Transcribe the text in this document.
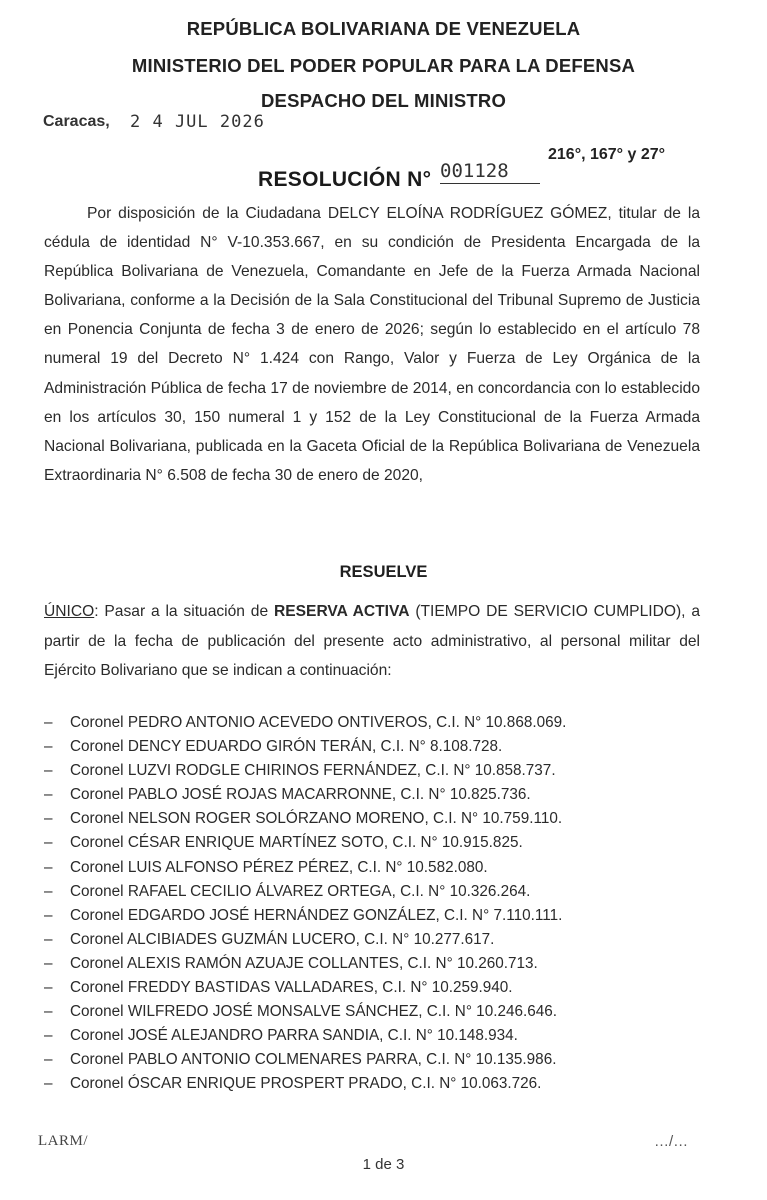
REPÚBLICA BOLIVARIANA DE VENEZUELA
MINISTERIO DEL PODER POPULAR PARA LA DEFENSA
DESPACHO DEL MINISTRO
Caracas, 2 4 JUL 2026
RESOLUCIÓN N° 001128
216°, 167° y 27°
Por disposición de la Ciudadana DELCY ELOÍNA RODRÍGUEZ GÓMEZ, titular de la cédula de identidad N° V-10.353.667, en su condición de Presidenta Encargada de la República Bolivariana de Venezuela, Comandante en Jefe de la Fuerza Armada Nacional Bolivariana, conforme a la Decisión de la Sala Constitucional del Tribunal Supremo de Justicia en Ponencia Conjunta de fecha 3 de enero de 2026; según lo establecido en el artículo 78 numeral 19 del Decreto N° 1.424 con Rango, Valor y Fuerza de Ley Orgánica de la Administración Pública de fecha 17 de noviembre de 2014, en concordancia con lo establecido en los artículos 30, 150 numeral 1 y 152 de la Ley Constitucional de la Fuerza Armada Nacional Bolivariana, publicada en la Gaceta Oficial de la República Bolivariana de Venezuela Extraordinaria N° 6.508 de fecha 30 de enero de 2020,
RESUELVE
ÚNICO: Pasar a la situación de RESERVA ACTIVA (TIEMPO DE SERVICIO CUMPLIDO), a partir de la fecha de publicación del presente acto administrativo, al personal militar del Ejército Bolivariano que se indican a continuación:
– Coronel PEDRO ANTONIO ACEVEDO ONTIVEROS, C.I. N° 10.868.069.
– Coronel DENCY EDUARDO GIRÓN TERÁN, C.I. N° 8.108.728.
– Coronel LUZVI RODGLE CHIRINOS FERNÁNDEZ, C.I. N° 10.858.737.
– Coronel PABLO JOSÉ ROJAS MACARRONNE, C.I. N° 10.825.736.
– Coronel NELSON ROGER SOLÓRZANO MORENO, C.I. N° 10.759.110.
– Coronel CÉSAR ENRIQUE MARTÍNEZ SOTO, C.I. N° 10.915.825.
– Coronel LUIS ALFONSO PÉREZ PÉREZ, C.I. N° 10.582.080.
– Coronel RAFAEL CECILIO ÁLVAREZ ORTEGA, C.I. N° 10.326.264.
– Coronel EDGARDO JOSÉ HERNÁNDEZ GONZÁLEZ, C.I. N° 7.110.111.
– Coronel ALCIBIADES GUZMÁN LUCERO, C.I. N° 10.277.617.
– Coronel ALEXIS RAMÓN AZUAJE COLLANTES, C.I. N° 10.260.713.
– Coronel FREDDY BASTIDAS VALLADARES, C.I. N° 10.259.940.
– Coronel WILFREDO JOSÉ MONSALVE SÁNCHEZ, C.I. N° 10.246.646.
– Coronel JOSÉ ALEJANDRO PARRA SANDIA, C.I. N° 10.148.934.
– Coronel PABLO ANTONIO COLMENARES PARRA, C.I. N° 10.135.986.
– Coronel ÓSCAR ENRIQUE PROSPERT PRADO, C.I. N° 10.063.726.
LARM/	…/…
1 de 3
